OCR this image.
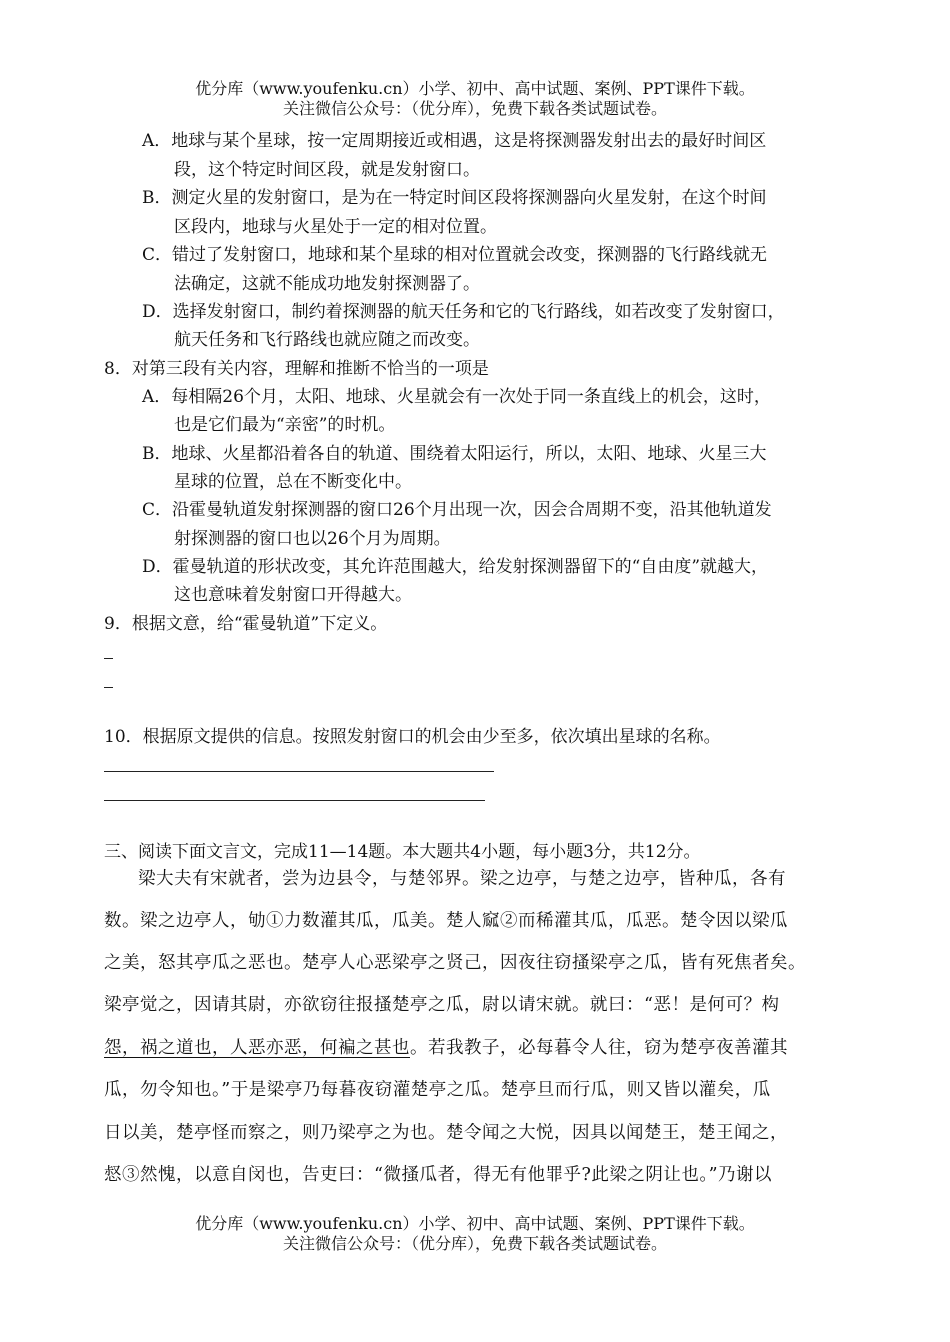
优分库（www.youfenku.cn）小学、初中、高中试题、案例、PPT课件下载。
关注微信公众号：（优分库），免费下载各类试题试卷。
A．地球与某个星球，按一定周期接近或相遇，这是将探测器发射出去的最好时间区
段，这个特定时间区段，就是发射窗口。
B．测定火星的发射窗口，是为在一特定时间区段将探测器向火星发射，在这个时间
区段内，地球与火星处于一定的相对位置。
C．错过了发射窗口，地球和某个星球的相对位置就会改变，探测器的飞行路线就无
法确定，这就不能成功地发射探测器了。
D．选择发射窗口，制约着探测器的航天任务和它的飞行路线，如若改变了发射窗口，
航天任务和飞行路线也就应随之而改变。
8．对第三段有关内容，理解和推断不恰当的一项是
A．每相隔26个月，太阳、地球、火星就会有一次处于同一条直线上的机会，这时，
也是它们最为“亲密”的时机。
B．地球、火星都沿着各自的轨道、围绕着太阳运行，所以，太阳、地球、火星三大
星球的位置，总在不断变化中。
C．沿霍曼轨道发射探测器的窗口26个月出现一次，因会合周期不变，沿其他轨道发
射探测器的窗口也以26个月为周期。
D．霍曼轨道的形状改变，其允许范围越大，给发射探测器留下的“自由度”就越大，
这也意味着发射窗口开得越大。
9．根据文意，给“霍曼轨道”下定义。
10．根据原文提供的信息。按照发射窗口的机会由少至多，依次填出星球的名称。
三、阅读下面文言文，完成11—14题。本大题共4小题，每小题3分，共12分。
梁大夫有宋就者，尝为边县令，与楚邻界。梁之边亭，与楚之边亭，皆种瓜，各有
数。梁之边亭人，劬①力数灌其瓜，瓜美。楚人窳②而稀灌其瓜，瓜恶。楚令因以梁瓜
之美，怒其亭瓜之恶也。楚亭人心恶梁亭之贤己，因夜往窃搔梁亭之瓜，皆有死焦者矣。
梁亭觉之，因请其尉，亦欲窃往报搔楚亭之瓜，尉以请宋就。就曰：“恶！是何可？构
怨，祸之道也，人恶亦恶，何褊之甚也。若我教子，必每暮令人往，窃为楚亭夜善灌其
瓜，勿令知也。”于是梁亭乃每暮夜窃灌楚亭之瓜。楚亭旦而行瓜，则又皆以灌矣，瓜
日以美，楚亭怪而察之，则乃梁亭之为也。楚令闻之大悦，因具以闻楚王，楚王闻之，
惄③然愧，以意自闵也，告吏曰：“微搔瓜者，得无有他罪乎?此梁之阴让也。”乃谢以
优分库（www.youfenku.cn）小学、初中、高中试题、案例、PPT课件下载。
关注微信公众号：（优分库），免费下载各类试题试卷。
